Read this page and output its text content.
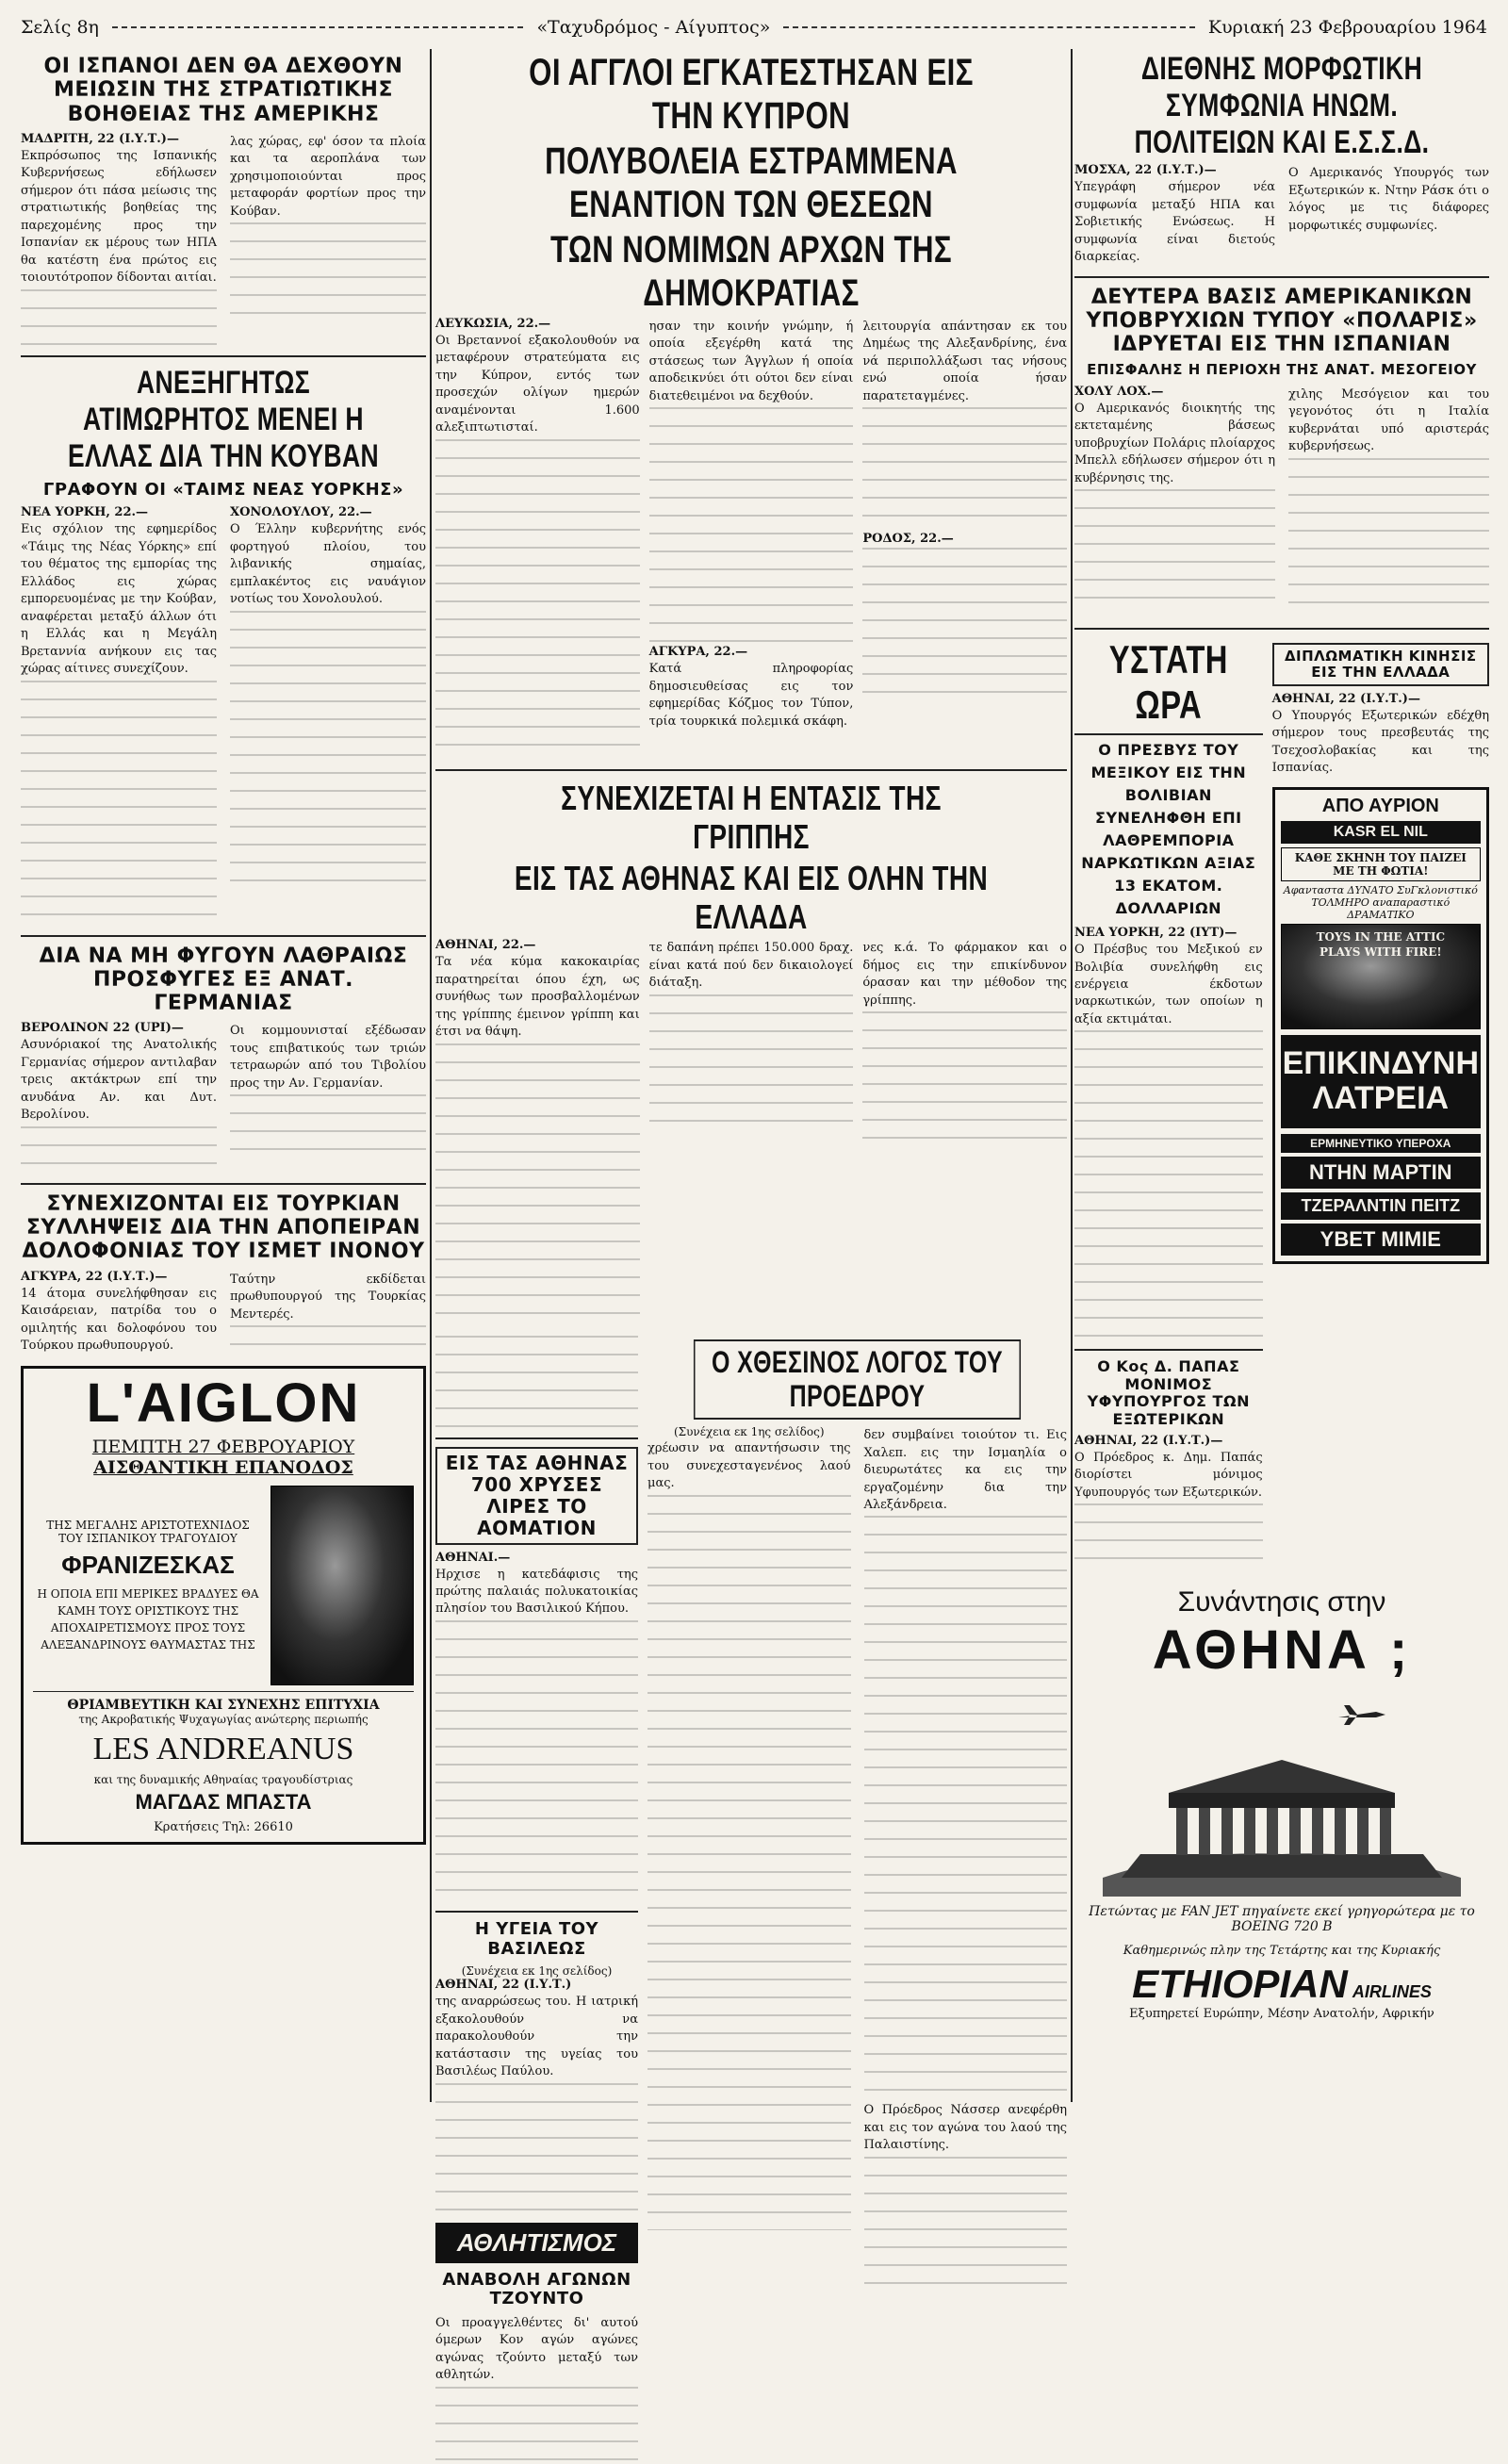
Σελίς 8η	«Ταχυδρόμος - Αίγυπτος»	Κυριακή 23 Φεβρουαρίου 1964
ΟΙ ΙΣΠΑΝΟΙ ΔΕΝ ΘΑ ΔΕΧΘΟΥΝ ΜΕΙΩΣΙΝ ΤΗΣ ΣΤΡΑΤΙΩΤΙΚΗΣ ΒΟΗΘΕΙΑΣ ΤΗΣ ΑΜΕΡΙΚΗΣ
ΜΑΔΡΙΤΗ, 22 (Ι.Υ.Τ.)—
Εκπρόσωπος της Ισπανικής Κυβερνήσεως εδήλωσεν σήμερον ότι πάσα μείωσις της στρατιωτικής βοηθείας της παρεχομένης προς την Ισπανίαν εκ μέρους των ΗΠΑ θα κατέστη ένα πρώτος εις τοιουτότροπον δίδονται αιτίαι.
λας χώρας, εφ' όσον τα πλοία και τα αεροπλάνα των χρησιμοποιούνται προς μεταφοράν φορτίων προς την Κούβαν.
ΑΝΕΞΗΓΗΤΩΣ ΑΤΙΜΩΡΗΤΟΣ ΜΕΝΕΙ Η ΕΛΛΑΣ ΔΙΑ ΤΗΝ ΚΟΥΒΑΝ
ΓΡΑΦΟΥΝ ΟΙ «ΤΑΙΜΣ ΝΕΑΣ ΥΟΡΚΗΣ»
ΝΕΑ ΥΟΡΚΗ, 22.—
Εις σχόλιον της εφημερίδος «Τάιμς της Νέας Υόρκης» επί του θέματος της εμπορίας της Ελλάδος εις χώρας εμπορευομένας με την Κούβαν, αναφέρεται μεταξύ άλλων ότι η Ελλάς και η Μεγάλη Βρεταννία ανήκουν εις τας χώρας αίτινες συνεχίζουν.
ΧΟΝΟΛΟΥΛΟΥ, 22.—
Ο Έλλην κυβερνήτης ενός φορτηγού πλοίου, του λιβανικής σημαίας, εμπλακέντος εις ναυάγιον νοτίως του Χονολουλού.
ΔΙΑ ΝΑ ΜΗ ΦΥΓΟΥΝ ΛΑΘΡΑΙΩΣ ΠΡΟΣΦΥΓΕΣ ΕΞ ΑΝΑΤ. ΓΕΡΜΑΝΙΑΣ
ΒΕΡΟΛΙΝΟΝ 22 (UPI)—
Ασυνόριακοί της Ανατολικής Γερμανίας σήμερον αντιλαβαν τρεις ακτάκτρων επί την ανυδάνα Αν. και Δυτ. Βερολίνου.
Οι κομμουνισταί εξέδωσαν τους επιβατικούς των τριών τετραωρών από του Τιβολίου προς την Αν. Γερμανίαν.
ΣΥΝΕΧΙΖΟΝΤΑΙ ΕΙΣ ΤΟΥΡΚΙΑΝ ΣΥΛΛΗΨΕΙΣ ΔΙΑ ΤΗΝ ΑΠΟΠΕΙΡΑΝ ΔΟΛΟΦΟΝΙΑΣ ΤΟΥ ΙΣΜΕΤ ΙΝΟΝΟΥ
ΑΓΚΥΡΑ, 22 (Ι.Υ.Τ.)—
14 άτομα συνελήφθησαν εις Καισάρειαν, πατρίδα του ο ομιλητής και δολοφόνου του Τούρκου πρωθυπουργού.
Ταύτην εκδίδεται πρωθυπουργού της Τουρκίας Μεντερές.
L'AIGLON
ΠΕΜΠΤΗ 27 ΦΕΒΡΟΥΑΡΙΟΥ
ΑΙΣΘΑΝΤΙΚΗ ΕΠΑΝΟΔΟΣ
ΤΗΣ ΜΕΓΑΛΗΣ ΑΡΙΣΤΟΤΕΧΝΙΔΟΣ ΤΟΥ ΙΣΠΑΝΙΚΟΥ ΤΡΑΓΟΥΔΙΟΥ
ΦΡΑΝΙΖΕΣΚΑΣ
Η ΟΠΟΙΑ ΕΠΙ ΜΕΡΙΚΕΣ ΒΡΑΔΥΕΣ ΘΑ ΚΑΜΗ ΤΟΥΣ ΟΡΙΣΤΙΚΟΥΣ ΤΗΣ ΑΠΟΧΑΙΡΕΤΙΣΜΟΥΣ ΠΡΟΣ ΤΟΥΣ ΑΛΕΞΑΝΔΡΙΝΟΥΣ ΘΑΥΜΑΣΤΑΣ ΤΗΣ
ΘΡΙΑΜΒΕΥΤΙΚΗ ΚΑΙ ΣΥΝΕΧΗΣ ΕΠΙΤΥΧΙΑ
της Ακροβατικής Ψυχαγωγίας ανώτερης περιωπής
LES ANDREANUS
και της δυναμικής Αθηναίας τραγουδίστριας
ΜΑΓΔΑΣ ΜΠΑΣΤΑ
Κρατήσεις Τηλ: 26610
ΟΙ ΑΓΓΛΟΙ ΕΓΚΑΤΕΣΤΗΣΑΝ ΕΙΣ ΤΗΝ ΚΥΠΡΟΝ
ΠΟΛΥΒΟΛΕΙΑ ΕΣΤΡΑΜΜΕΝΑ ΕΝΑΝΤΙΟΝ ΤΩΝ ΘΕΣΕΩΝ
ΤΩΝ ΝΟΜΙΜΩΝ ΑΡΧΩΝ ΤΗΣ ΔΗΜΟΚΡΑΤΙΑΣ
ΛΕΥΚΩΣΙΑ, 22.—
Οι Βρεταννοί εξακολουθούν να μεταφέρουν στρατεύματα εις την Κύπρον, εντός των προσεχών ολίγων ημερών αναμένονται 1.600 αλεξιπτωτισταί.
ησαν την κοινήν γνώμην, ή οποία εξεγέρθη κατά της στάσεως των Άγγλων ή οποία αποδεικνύει ότι ούτοι δεν είναι διατεθειμένοι να δεχθούν.
ΑΓΚΥΡΑ, 22.—
Κατά πληροφορίας δημοσιευθείσας εις τον εφημερίδας Κόζμος τον Τύπον, τρία τουρκικά πολεμικά σκάφη.
λειτουργία απάντησαν εκ του Δημέως της Αλεξανδρίνης, ένα νά περιπολλάξωσι τας νήσους ενώ οποία ήσαν παρατεταγμένες.
ΡΟΔΟΣ, 22.—
ΣΥΝΕΧΙΖΕΤΑΙ Η ΕΝΤΑΣΙΣ ΤΗΣ ΓΡΙΠΠΗΣ
ΕΙΣ ΤΑΣ ΑΘΗΝΑΣ ΚΑΙ ΕΙΣ ΟΛΗΝ ΤΗΝ ΕΛΛΑΔΑ
ΑΘΗΝΑΙ, 22.—
Τα νέα κύμα κακοκαιρίας παρατηρείται όπου έχη, ως συνήθως των προσβαλλομένων της γρίππης έμεινον γρίππη και έτσι να θάψη.
τε δαπάνη πρέπει 150.000 δραχ. είναι κατά πού δεν δικαιολογεί διάταξη.
νες κ.ά. Το φάρμακον και ο δήμος εις την επικίνδυνον όρασαν και την μέθοδον της γρίππης.
ΕΙΣ ΤΑΣ ΑΘΗΝΑΣ 700 ΧΡΥΣΕΣ ΛΙΡΕΣ ΤΟ ΑΟΜΑΤΙΟΝ
ΑΘΗΝΑΙ.—
Ηρχισε η κατεδάφισις της πρώτης παλαιάς πολυκατοικίας πλησίον του Βασιλικού Κήπου.
Η ΥΓΕΙΑ ΤΟΥ ΒΑΣΙΛΕΩΣ
(Συνέχεια εκ 1ης σελίδος)
ΑΘΗΝΑΙ, 22 (Ι.Υ.Τ.)
της αναρρώσεως του. Η ιατρική εξακολουθούν να παρακολουθούν την κατάστασιν της υγείας του Βασιλέως Παύλου.
ΑΘΛΗΤΙΣΜΟΣ
ΑΝΑΒΟΛΗ ΑΓΩΝΩΝ ΤΖΟΥΝΤΟ
Οι προαγγελθέντες δι' αυτού όμερων Κον αγών αγώνες αγώνας τζούντο μεταξύ των αθλητών.
Ο ΧΘΕΣΙΝΟΣ ΛΟΓΟΣ ΤΟΥ ΠΡΟΕΔΡΟΥ
(Συνέχεια εκ 1ης σελίδος)
χρέωσιν να απαντήσωσιν της του συνεχεσταγενένος λαού μας.
δεν συμβαίνει τοιούτον τι. Εις Χαλεπ. εις την Ισμαηλία ο διευρωτάτες κα εις την εργαζομένην δια την Αλεξάνδρεια.
Ο Πρόεδρος Νάσσερ ανεφέρθη και εις τον αγώνα του λαού της Παλαιστίνης.
ΔΙΕΘΝΗΣ ΜΟΡΦΩΤΙΚΗ ΣΥΜΦΩΝΙΑ ΗΝΩΜ. ΠΟΛΙΤΕΙΩΝ ΚΑΙ Ε.Σ.Σ.Δ.
ΜΟΣΧΑ, 22 (Ι.Υ.Τ.)—
Υπεγράφη σήμερον νέα συμφωνία μεταξύ ΗΠΑ και Σοβιετικής Ενώσεως. Η συμφωνία είναι διετούς διαρκείας.
Ο Αμερικανός Υπουργός των Εξωτερικών κ. Ντην Ράσκ ότι ο λόγος με τις διάφορες μορφωτικές συμφωνίες.
ΔΕΥΤΕΡΑ ΒΑΣΙΣ ΑΜΕΡΙΚΑΝΙΚΩΝ ΥΠΟΒΡΥΧΙΩΝ ΤΥΠΟΥ «ΠΟΛΑΡΙΣ» ΙΔΡΥΕΤΑΙ ΕΙΣ ΤΗΝ ΙΣΠΑΝΙΑΝ
ΕΠΙΣΦΑΛΗΣ Η ΠΕΡΙΟΧΗ ΤΗΣ ΑΝΑΤ. ΜΕΣΟΓΕΙΟΥ
ΧΟΛΥ ΛΟΧ.—
Ο Αμερικανός διοικητής της εκτεταμένης βάσεως υποβρυχίων Πολάρις πλοίαρχος Μπελλ εδήλωσεν σήμερον ότι η κυβέρνησις της.
χιλης Μεσόγειον και του γεγονότος ότι η Ιταλία κυβερνάται υπό αριστεράς κυβερνήσεως.
ΥΣΤΑΤΗ ΩΡΑ
Ο ΠΡΕΣΒΥΣ ΤΟΥ ΜΕΞΙΚΟΥ ΕΙΣ ΤΗΝ ΒΟΛΙΒΙΑΝ ΣΥΝΕΛΗΦΘΗ ΕΠΙ ΛΑΘΡΕΜΠΟΡΙΑ ΝΑΡΚΩΤΙΚΩΝ ΑΞΙΑΣ 13 ΕΚΑΤΟΜ. ΔΟΛΛΑΡΙΩΝ
ΝΕΑ ΥΟΡΚΗ, 22 (ΙΥΤ)—
Ο Πρέσβυς του Μεξικού εν Βολιβία συνελήφθη εις ενέργεια έκδοτων ναρκωτικών, των οποίων η αξία εκτιμάται.
Ο Κος Δ. ΠΑΠΑΣ ΜΟΝΙΜΟΣ ΥΦΥΠΟΥΡΓΟΣ ΤΩΝ ΕΞΩΤΕΡΙΚΩΝ
ΑΘΗΝΑΙ, 22 (Ι.Υ.Τ.)—
Ο Πρόεδρος κ. Δημ. Παπάς διορίστει μόνιμος Υφυπουργός των Εξωτερικών.
ΔΙΠΛΩΜΑΤΙΚΗ ΚΙΝΗΣΙΣ ΕΙΣ ΤΗΝ ΕΛΛΑΔΑ
ΑΘΗΝΑΙ, 22 (Ι.Υ.Τ.)—
Ο Υπουργός Εξωτερικών εδέχθη σήμερον τους πρεσβευτάς της Τσεχοσλοβακίας και της Ισπανίας.
ΑΠΟ ΑΥΡΙΟΝ
KASR EL NIL
ΚΑΘΕ ΣΚΗΝΗ ΤΟΥ ΠΑΙΖΕΙ ΜΕ ΤΗ ΦΩΤΙΑ!
Αφανταστα ΔΥΝΑΤΟ ΣυΓκλονιστικό ΤΟΛΜΗΡΟ αναπαραστικό ΔΡΑΜΑΤΙΚΟ
TOYS IN THE ATTIC
PLAYS WITH FIRE!
ΕΠΙΚΙΝΔΥΝΗ ΛΑΤΡΕΙΑ
ΕΡΜΗΝΕΥΤΙΚΟ ΥΠΕΡΟΧΑ
ΝΤΗΝ ΜΑΡΤΙΝ
ΤΖΕΡΑΛΝΤΙΝ ΠΕΙΤΖ
ΥΒΕΤ ΜΙΜΙΕ
Συνάντησις στην
ΑΘΗΝΑ ;
Πετώντας με FAN JET πηγαίνετε εκεί γρηγορώτερα με το BOEING 720 B
Καθημερινώς πλην της Τετάρτης και της Κυριακής
ETHIOPIAN AIRLINES
Εξυπηρετεί Ευρώπην, Μέσην Ανατολήν, Αφρικήν
